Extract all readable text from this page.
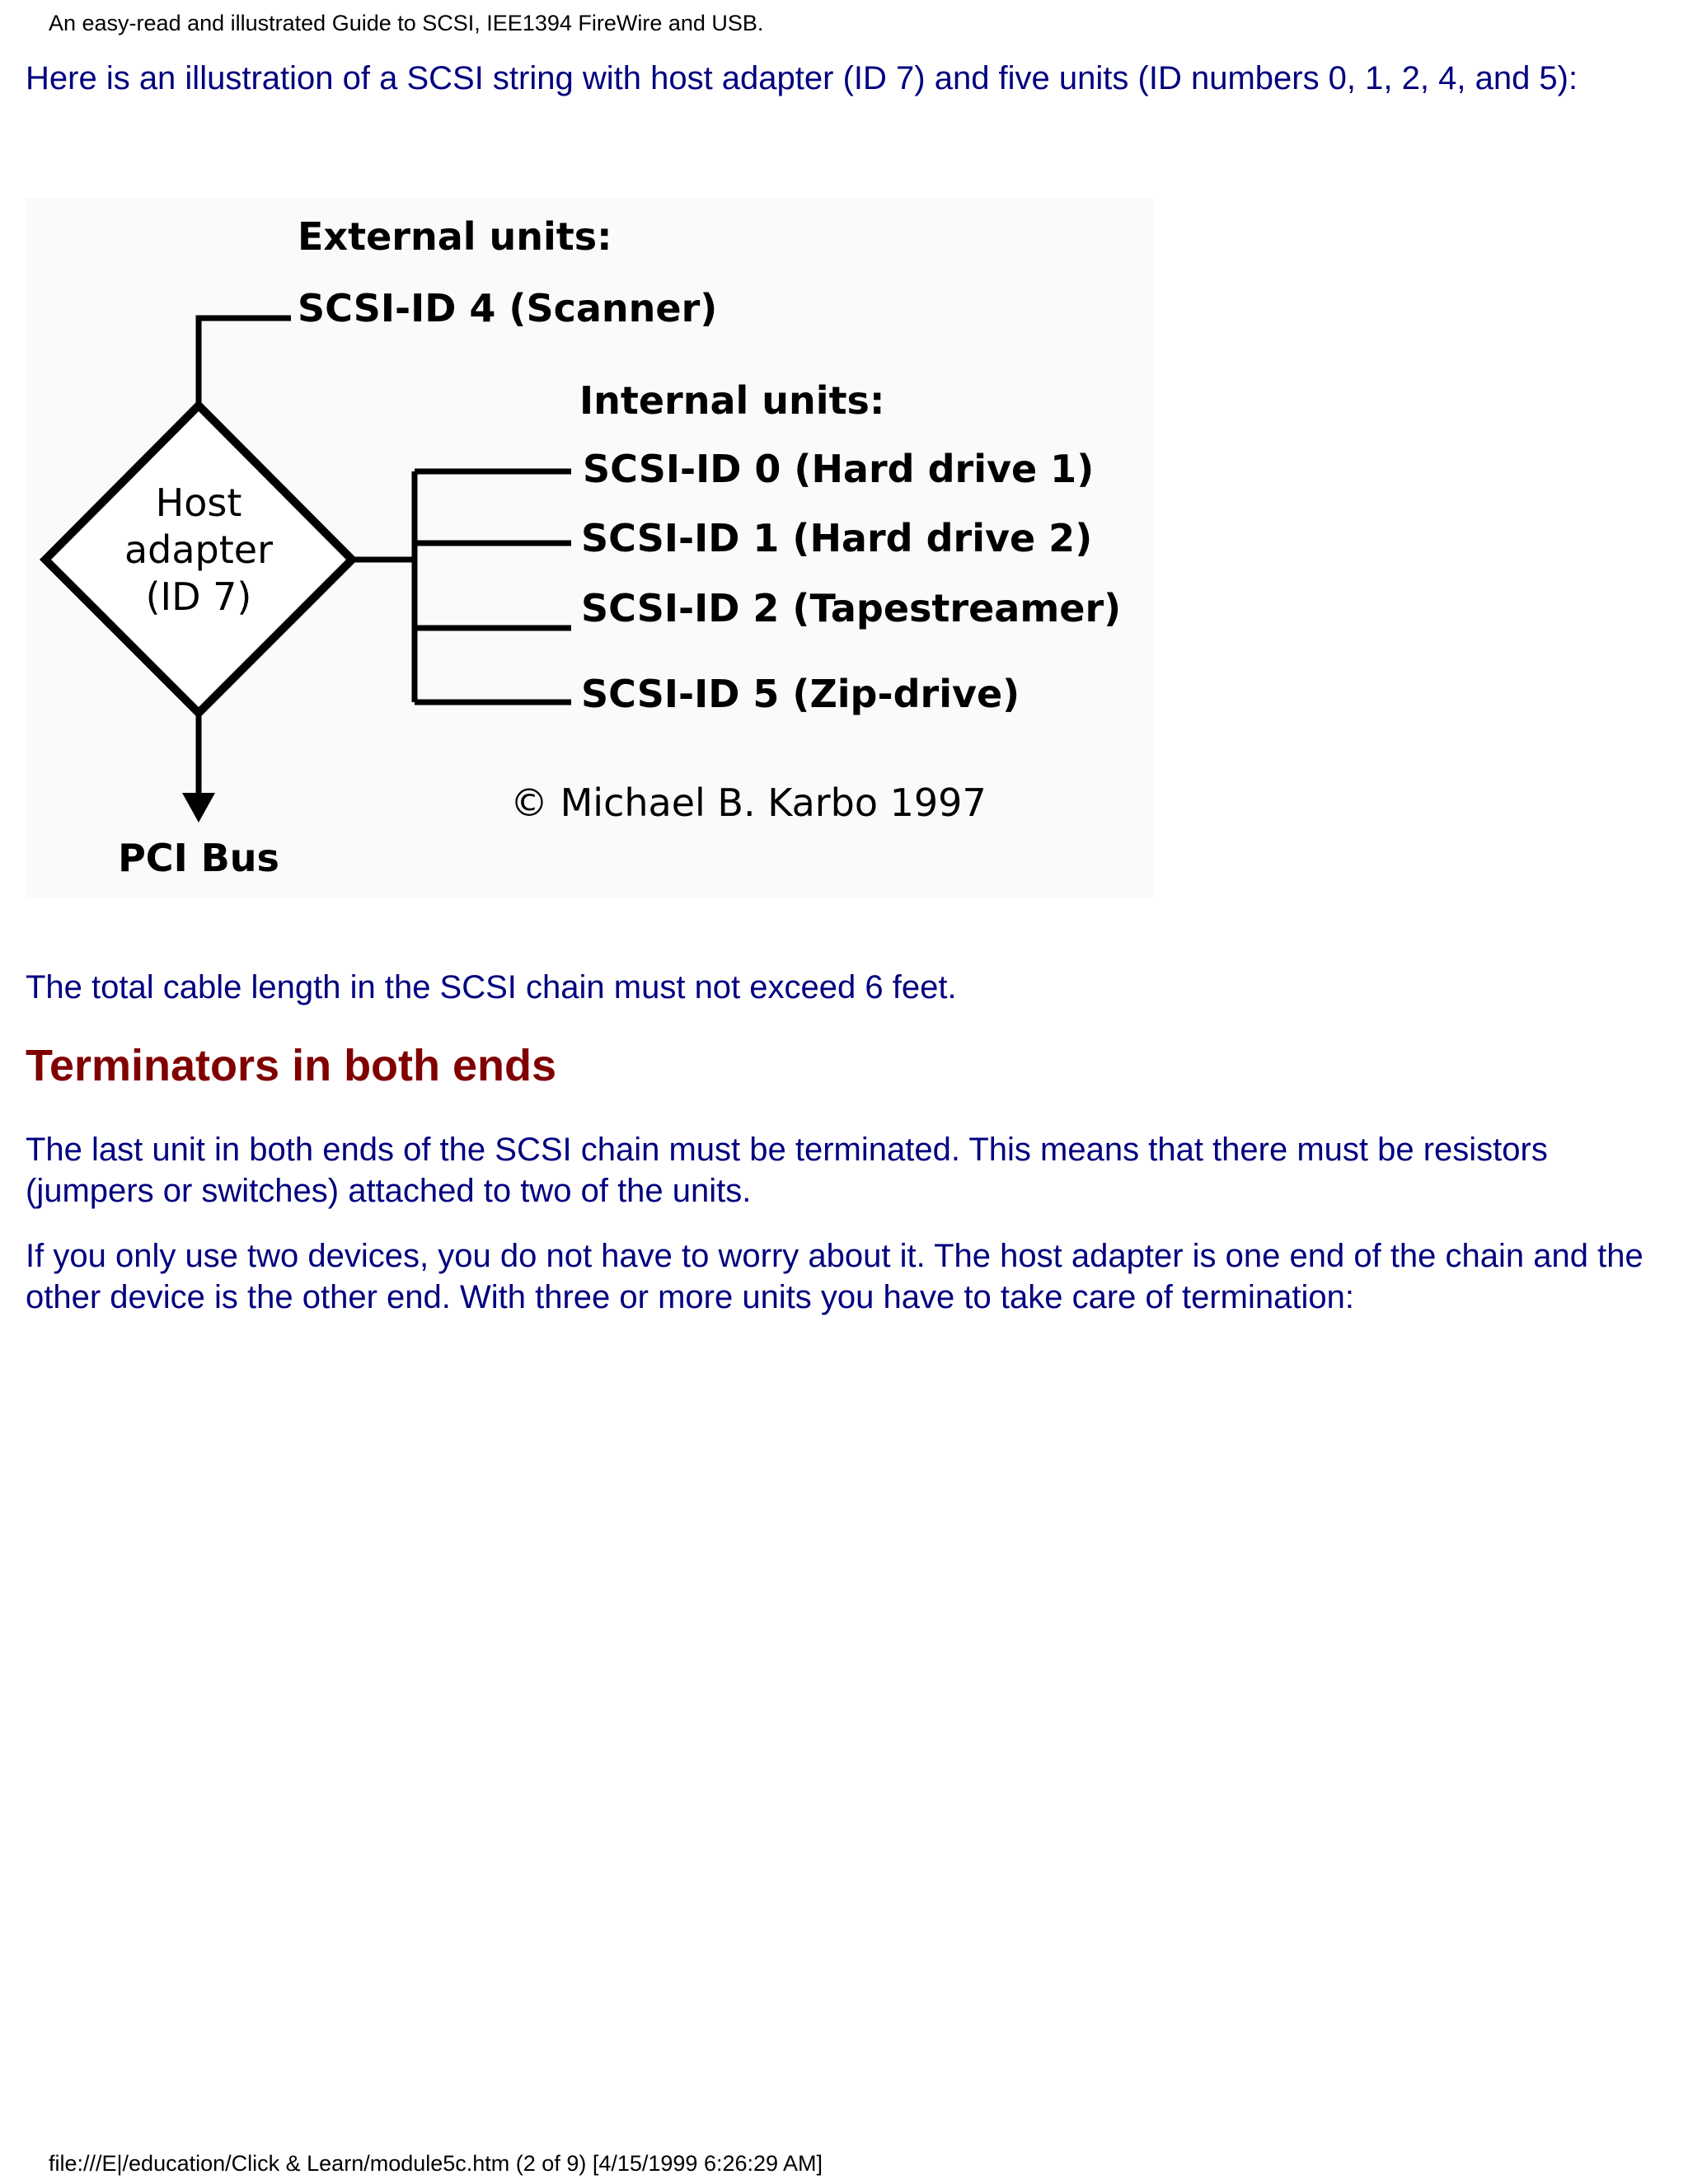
An easy-read and illustrated Guide to SCSI, IEE1394 FireWire and USB.

Here is an illustration of a SCSI string with host adapter (ID 7) and five units (ID numbers 0, 1, 2, 4, and 5):

External units:
SCSI-ID 4 (Scanner)
Internal units:
SCSI-ID 0 (Hard drive 1)
SCSI-ID 1 (Hard drive 2)
SCSI-ID 2 (Tapestreamer)
SCSI-ID 5 (Zip-drive)
Host
adapter
(ID 7)
PCI Bus
© Michael B. Karbo 1997

The total cable length in the SCSI chain must not exceed 6 feet.

Terminators in both ends

The last unit in both ends of the SCSI chain must be terminated. This means that there must be resistors (jumpers or switches) attached to two of the units.

If you only use two devices, you do not have to worry about it. The host adapter is one end of the chain and the other device is the other end. With three or more units you have to take care of termination:

file:///E|/education/Click & Learn/module5c.htm (2 of 9) [4/15/1999 6:26:29 AM]
